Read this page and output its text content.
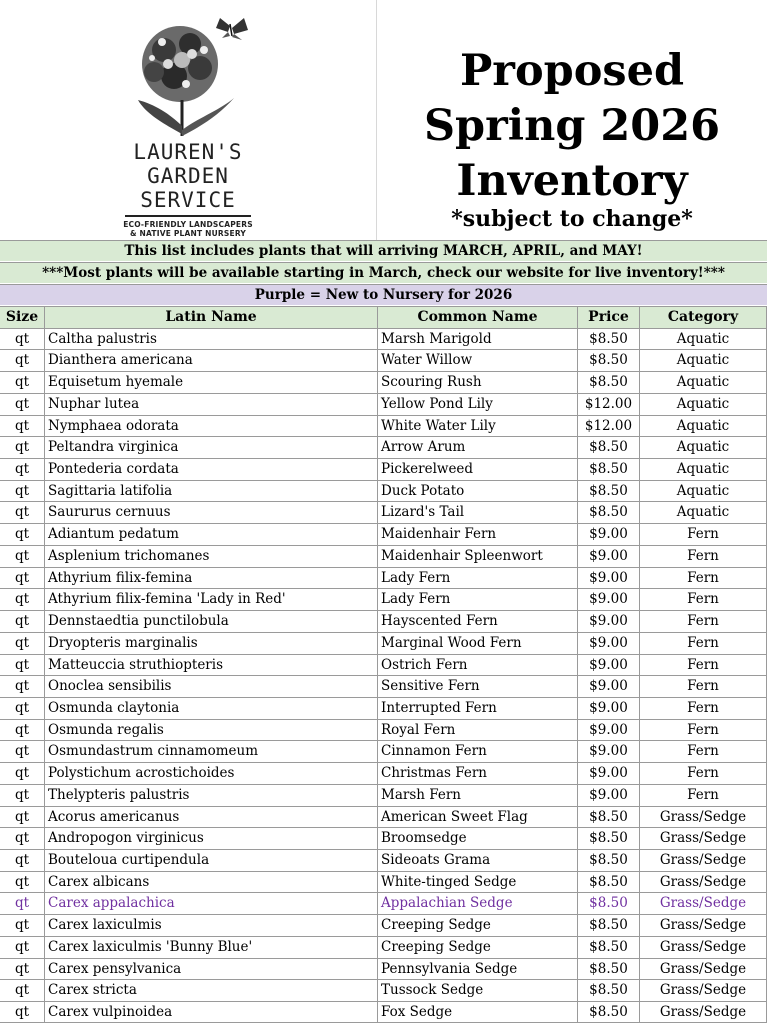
LAUREN'S
GARDEN
SERVICE
ECO-FRIENDLY LANDSCAPERS
& NATIVE PLANT NURSERY
Proposed
Spring 2026
Inventory
*subject to change*
This list includes plants that will arriving MARCH, APRIL, and MAY!
***Most plants will be available starting in March, check our website for live inventory!***
Purple = New to Nursery for 2026
Size	Latin Name	Common Name	Price	Category
qt	Caltha palustris	Marsh Marigold	$8.50	Aquatic
qt	Dianthera americana	Water Willow	$8.50	Aquatic
qt	Equisetum hyemale	Scouring Rush	$8.50	Aquatic
qt	Nuphar lutea	Yellow Pond Lily	$12.00	Aquatic
qt	Nymphaea odorata	White Water Lily	$12.00	Aquatic
qt	Peltandra virginica	Arrow Arum	$8.50	Aquatic
qt	Pontederia cordata	Pickerelweed	$8.50	Aquatic
qt	Sagittaria latifolia	Duck Potato	$8.50	Aquatic
qt	Saururus cernuus	Lizard's Tail	$8.50	Aquatic
qt	Adiantum pedatum	Maidenhair Fern	$9.00	Fern
qt	Asplenium trichomanes	Maidenhair Spleenwort	$9.00	Fern
qt	Athyrium filix-femina	Lady Fern	$9.00	Fern
qt	Athyrium filix-femina 'Lady in Red'	Lady Fern	$9.00	Fern
qt	Dennstaedtia punctilobula	Hayscented Fern	$9.00	Fern
qt	Dryopteris marginalis	Marginal Wood Fern	$9.00	Fern
qt	Matteuccia struthiopteris	Ostrich Fern	$9.00	Fern
qt	Onoclea sensibilis	Sensitive Fern	$9.00	Fern
qt	Osmunda claytonia	Interrupted Fern	$9.00	Fern
qt	Osmunda regalis	Royal Fern	$9.00	Fern
qt	Osmundastrum cinnamomeum	Cinnamon Fern	$9.00	Fern
qt	Polystichum acrostichoides	Christmas Fern	$9.00	Fern
qt	Thelypteris palustris	Marsh Fern	$9.00	Fern
qt	Acorus americanus	American Sweet Flag	$8.50	Grass/Sedge
qt	Andropogon virginicus	Broomsedge	$8.50	Grass/Sedge
qt	Bouteloua curtipendula	Sideoats Grama	$8.50	Grass/Sedge
qt	Carex albicans	White-tinged Sedge	$8.50	Grass/Sedge
qt	Carex appalachica	Appalachian Sedge	$8.50	Grass/Sedge
qt	Carex laxiculmis	Creeping Sedge	$8.50	Grass/Sedge
qt	Carex laxiculmis 'Bunny Blue'	Creeping Sedge	$8.50	Grass/Sedge
qt	Carex pensylvanica	Pennsylvania Sedge	$8.50	Grass/Sedge
qt	Carex stricta	Tussock Sedge	$8.50	Grass/Sedge
qt	Carex vulpinoidea	Fox Sedge	$8.50	Grass/Sedge
